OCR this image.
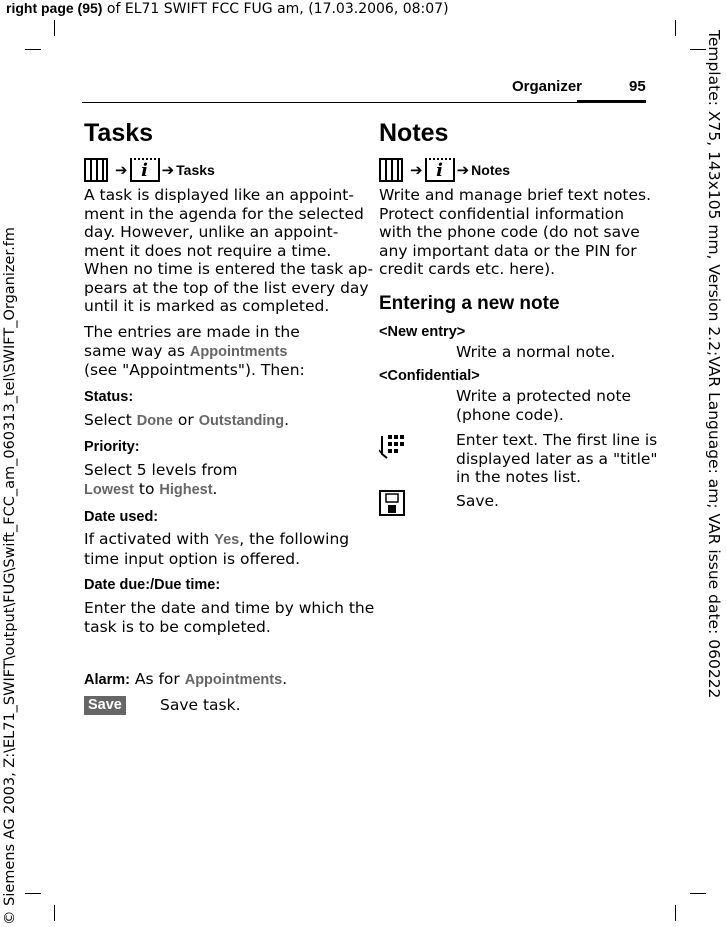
right page (95) of EL71 SWIFT FCC FUG am, (17.03.2006, 08:07)
© Siemens AG 2003, Z:\EL71_SWIFT\output\FUG\Swift_FCC_am_060313_tel\SWIFT_Organizer.fm	Template: X75, 143x105 mm, Version 2.2;VAR Language: am; VAR issue date: 060222
Organizer	95
Tasks
➔ i ➔ Tasks

A task is displayed like an appoint-
ment in the agenda for the selected
day. However, unlike an appoint-
ment it does not require a time.
When no time is entered the task ap-
pears at the top of the list every day
until it is marked as completed.

The entries are made in the
same way as Appointments
(see "Appointments"). Then:

Status:

Select Done or Outstanding.

Priority:

Select 5 levels from
Lowest to Highest.

Date used:

If activated with Yes, the following
time input option is offered.

Date due:/Due time:

Enter the date and time by which the
task is to be completed.

Alarm: As for Appointments.

Save Save task.
Notes
➔ i ➔ Notes

Write and manage brief text notes.
Protect confidential information
with the phone code (do not save
any important data or the PIN for
credit cards etc. here).

Entering a new note
<New entry>
Write a normal note.
<Confidential>

Write a protected note
(phone code).

Enter text. The first line is
displayed later as a "title"
in the notes list.

Save.
